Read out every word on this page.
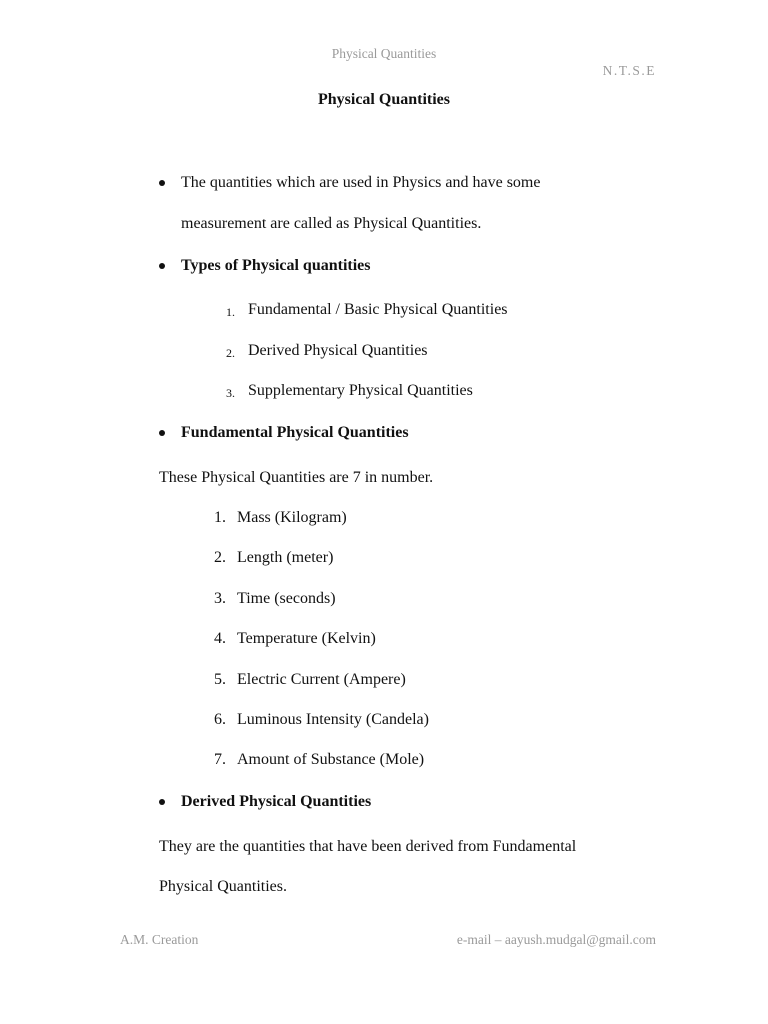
Physical Quantities
N.T.S.E
Physical Quantities
The quantities which are used in Physics and have some
measurement are called as Physical Quantities.
Types of Physical quantities
1. Fundamental / Basic Physical Quantities
2. Derived Physical Quantities
3. Supplementary Physical Quantities
Fundamental Physical Quantities
These Physical Quantities are 7 in number.
1. Mass (Kilogram)
2. Length (meter)
3. Time (seconds)
4. Temperature (Kelvin)
5. Electric Current (Ampere)
6. Luminous Intensity (Candela)
7. Amount of Substance (Mole)
Derived Physical Quantities
They are the quantities that have been derived from Fundamental
Physical Quantities.
A.M. Creation	e-mail – aayush.mudgal@gmail.com
